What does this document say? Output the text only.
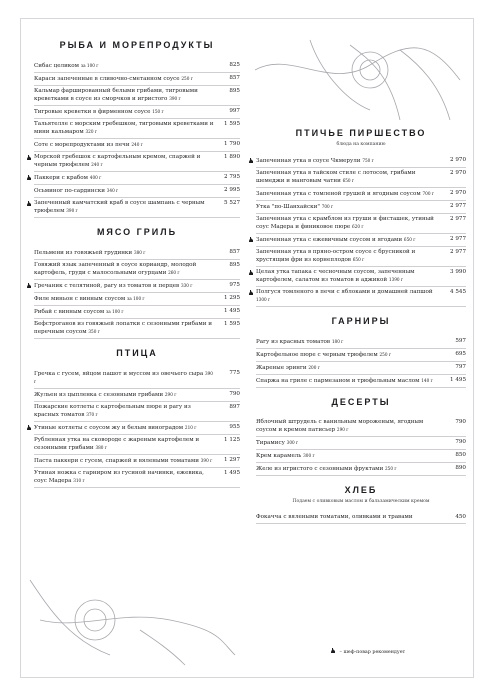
РЫБА И МОРЕПРОДУКТЫ
Сибас целиком за 100 г	825
Караси запеченные в сливочно-сметанном соусе 250 г	857
Кальмар фаршированный белыми грибами, тигровыми креветками в соусе из сморчков и игристого 390 г
895
Тигровые креветки в фирменном соусе 150 г	997
Тальятелле с морским гребешком, тигровыми креветками и мини кальмаром 320 г
1 595
Соте с морепродуктами из печи 240 г	1 790
Морской гребешок с картофельным кремом, спаржей и черным трюфелем 240 г
1 890
Паккери с крабом 400 г	2 795
Осьминог по-сардински 340 г	2 995
Запеченный камчатский краб в соусе шампань с черным трюфелем 390 г
5 527
МЯСО ГРИЛЬ
Пельмени из говяжьей грудинки 380 г	857
Говяжий язык запеченный в соусе кориандр, молодой картофель, груди с малосольными огурцами 260 г
895
Гречаник с телятиной, рагу из томатов и перцев 330 г	975
Филе миньон с винным соусом за 100 г	1 295
Рибай с винным соусом за 100 г	1 495
Бефстроганов из говяжьей лопатки с сезонными грибами и перечным соусом 350 г
1 595
ПТИЦА
Гречка с гусем, яйцом пашот и муссом из овечьего сыра 390 г
775
Жульен из цыпленка с сезонными грибами 290 г	790
Пожарские котлеты с картофельным пюре и рагу из красных томатов 370 г
897
Утиные котлеты с соусом жу и белым виноградом 210 г	955
Рубленная утка на сковороде с жареным картофелем и сезонными грибами 380 г
1 125
Паста паккери с гусем, спаржей и вялеными томатами 390 г 1 297
Утиная ножка с гарниром из гусиной начинки, ежевика, соус Мадера 310 г
1 495
ПТИЧЬЕ ПИРШЕСТВО
блюда на компанию
Запеченная утка в соусе Чкмерули 750 г	2 970
Запеченная утка в тайском стиле с лотосом, грибами шемеджи и манговым чатни 650 г
2 970
Запеченная утка с томленой грушей и ягодным соусом 700 г	2 970
Утка "по-Шанхайски" 700 г	2 977
Запеченная утка с крамблом из груши и фисташек, утиный соус Мадера и финиковое пюре 620 г
2 977
Запеченная утка с ежевичным соусом и ягодами 650 г	2 977
Запеченная утка в пряно-остром соусе с брусникой и хрустящим фри из корнеплодов 650 г
2 977
Целая утка тапака с чесночным соусом, запеченным картофелем, салатом из томатов и аджикой 1390 г
3 990
Полгуся томленого в печи с яблоками и домашней лапшой 1300 г
4 545
ГАРНИРЫ
Рагу из красных томатов 180 г	597
Картофельное пюре с черным трюфелем 250 г	695
Жареные эринги 200 г	797
Спаржа на гриле с пармезаном и трюфельным маслом 140 г	1 495
ДЕСЕРТЫ
Яблочный штрудель с ванильным мороженым, ягодным соусом и кремом патисьер 290 г
790
Тирамису 300 г	790
Крем карамель 300 г	850
Желе из игристого с сезонными фруктами 250 г	890
ХЛЕБ
Подаем с оливковым маслом и бальзамическим кремом
Фокачча с вялеными томатами, оливками и травами	450
– шеф-повар рекомендует
